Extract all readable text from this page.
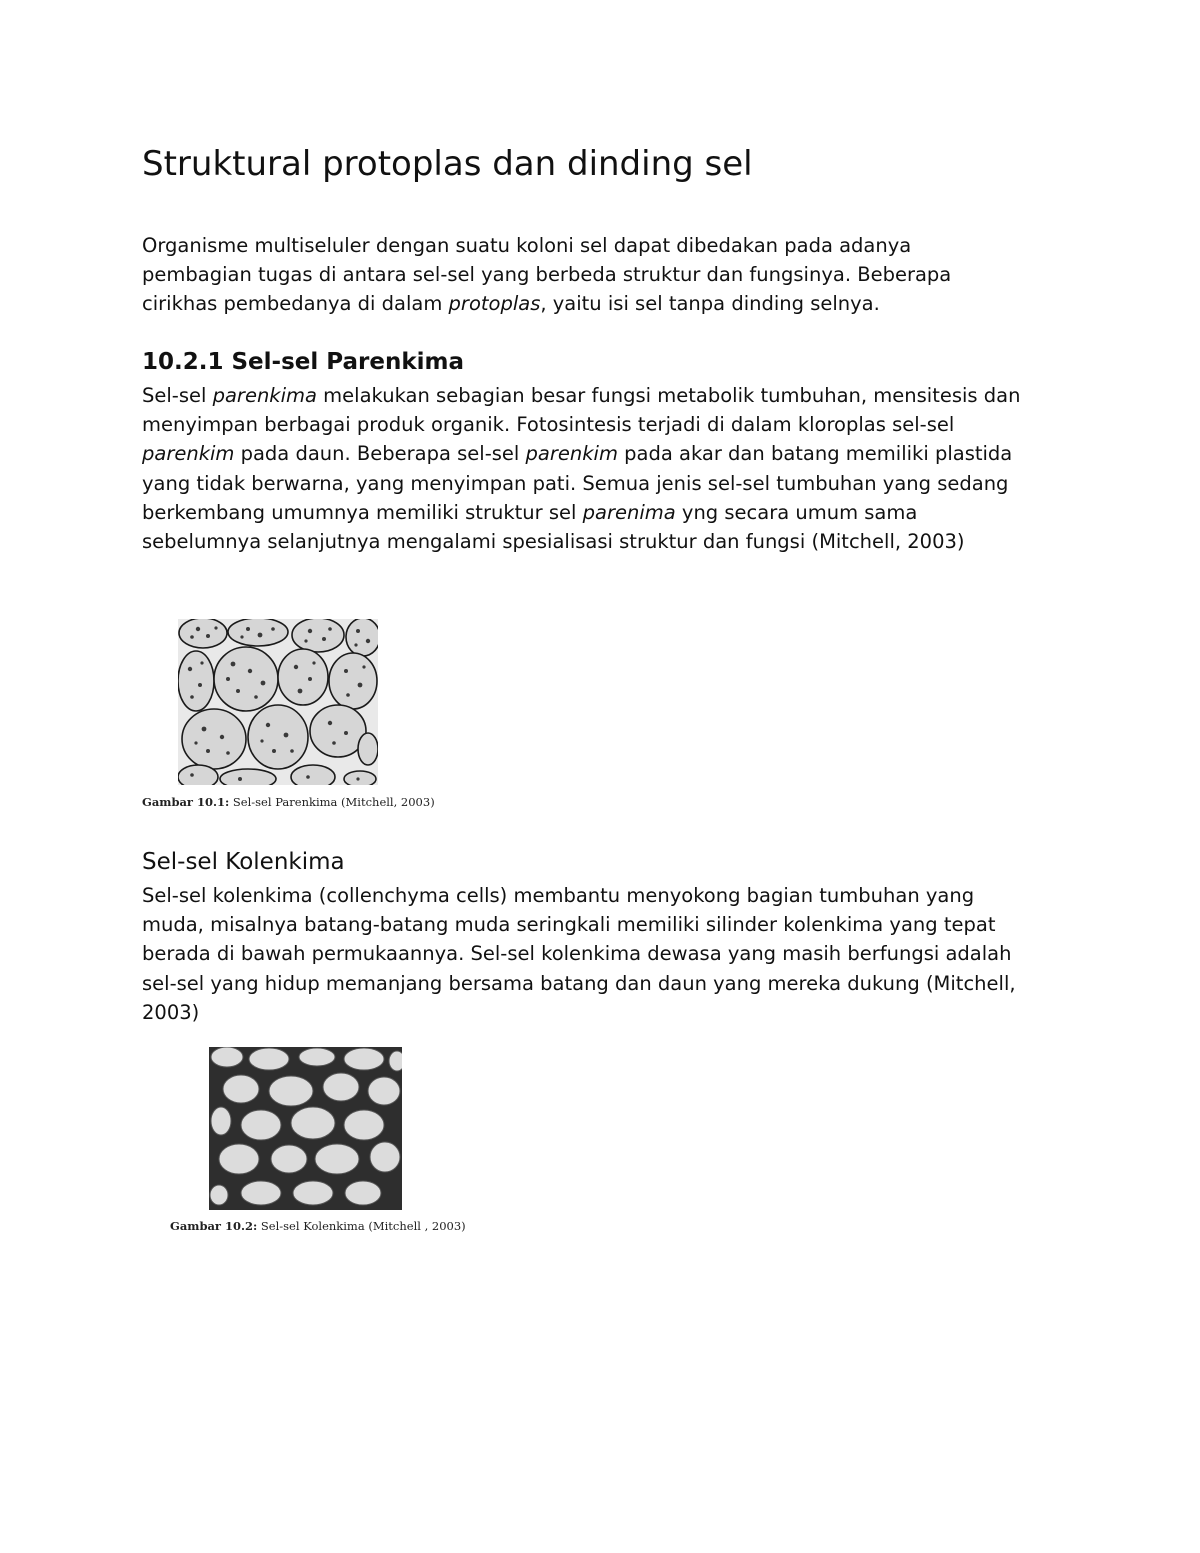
Struktural protoplas dan dinding sel

Organisme multiseluler dengan suatu koloni sel dapat dibedakan pada adanya pembagian tugas di antara sel-sel yang berbeda struktur dan fungsinya. Beberapa cirikhas pembedanya di dalam protoplas, yaitu isi sel tanpa dinding selnya.

10.2.1 Sel-sel Parenkima

Sel-sel parenkima melakukan sebagian besar fungsi metabolik tumbuhan, mensitesis dan menyimpan berbagai produk organik. Fotosintesis terjadi di dalam kloroplas sel-sel parenkim pada daun. Beberapa sel-sel parenkim pada akar dan batang memiliki plastida yang tidak berwarna, yang menyimpan pati. Semua jenis sel-sel tumbuhan yang sedang berkembang umumnya memiliki struktur sel parenima yng secara umum sama sebelumnya selanjutnya mengalami spesialisasi struktur dan fungsi (Mitchell, 2003)

Gambar 10.1: Sel-sel Parenkima (Mitchell, 2003)

Sel-sel Kolenkima

Sel-sel kolenkima (collenchyma cells) membantu menyokong bagian tumbuhan yang muda, misalnya batang-batang muda seringkali memiliki silinder kolenkima yang tepat berada di bawah permukaannya. Sel-sel kolenkima dewasa yang masih berfungsi adalah sel-sel yang hidup memanjang bersama batang dan daun yang mereka dukung (Mitchell, 2003)

Gambar 10.2: Sel-sel Kolenkima (Mitchell , 2003)
